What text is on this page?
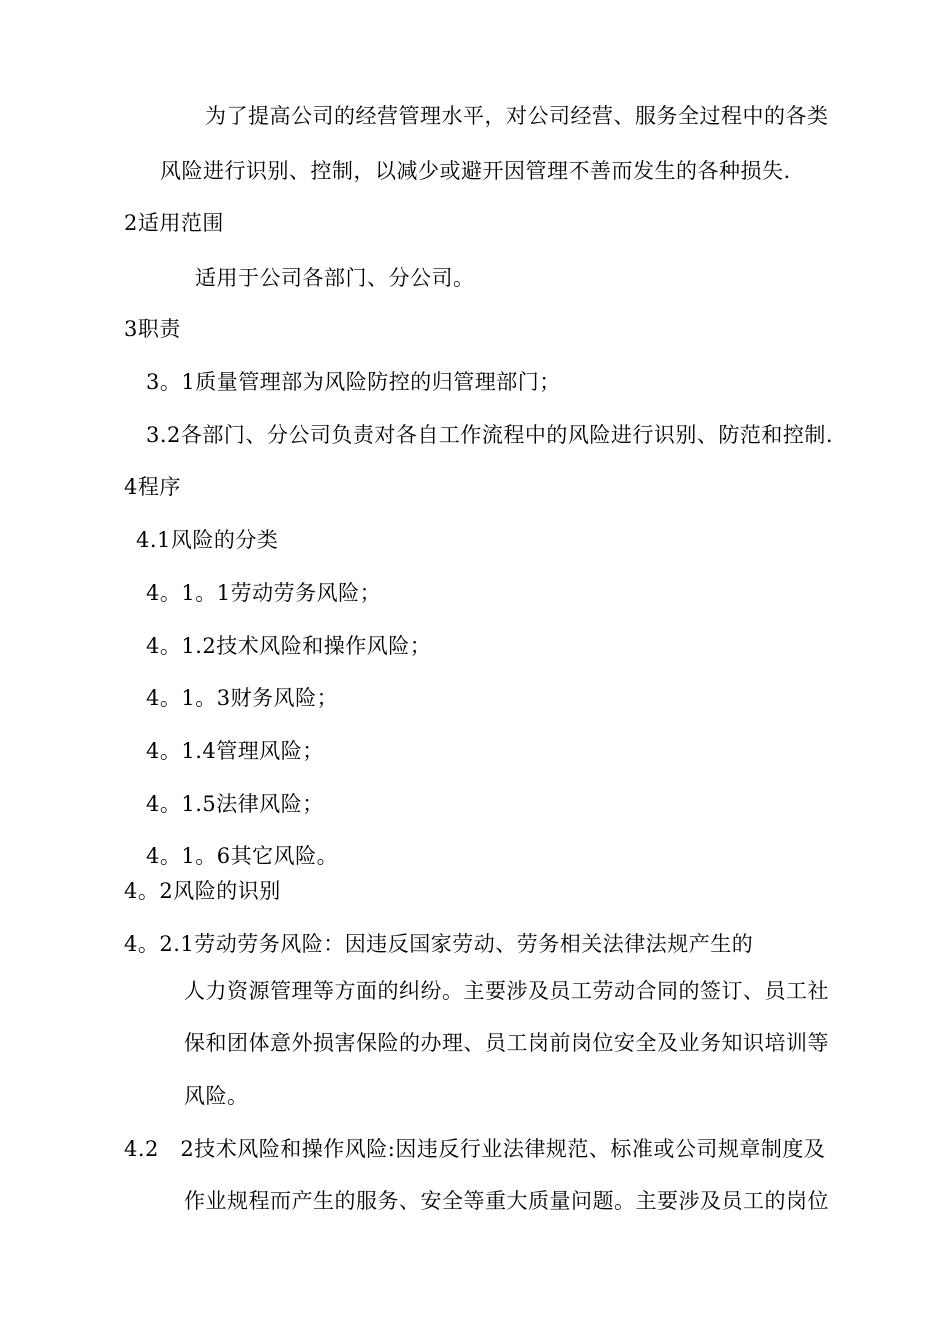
为了提高公司的经营管理水平，对公司经营、服务全过程中的各类
风险进行识别、控制，以减少或避开因管理不善而发生的各种损失.
2适用范围
适用于公司各部门、分公司。
3职责
3。1质量管理部为风险防控的归管理部门；
3.2各部门、分公司负责对各自工作流程中的风险进行识别、防范和控制.
4程序
4.1风险的分类
4。1。1劳动劳务风险；
4。1.2技术风险和操作风险；
4。1。3财务风险；
4。1.4管理风险；
4。1.5法律风险；
4。1。6其它风险。
4。2风险的识别
4。2.1劳动劳务风险：因违反国家劳动、劳务相关法律法规产生的
人力资源管理等方面的纠纷。主要涉及员工劳动合同的签订、员工社
保和团体意外损害保险的办理、员工岗前岗位安全及业务知识培训等
风险。
4.2　2技术风险和操作风险:因违反行业法律规范、标准或公司规章制度及
作业规程而产生的服务、安全等重大质量问题。主要涉及员工的岗位
